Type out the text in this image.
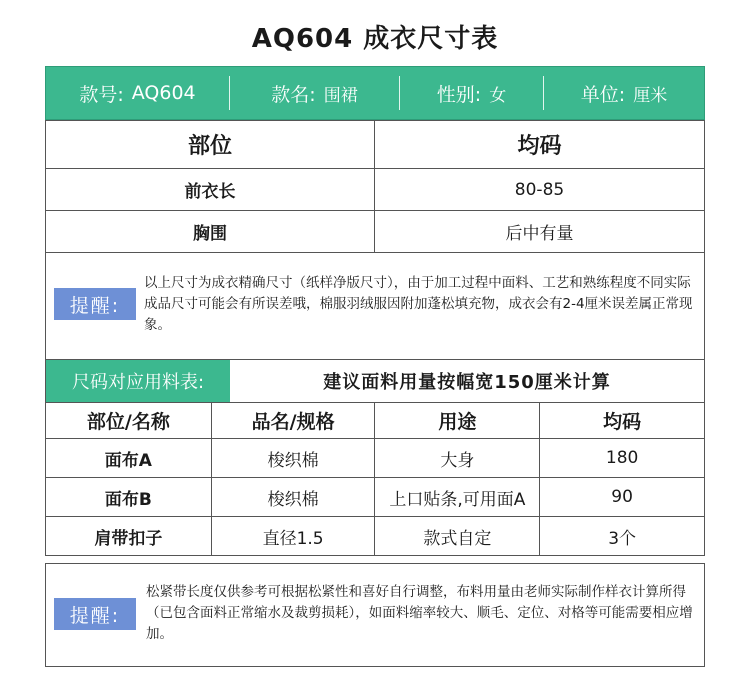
AQ604 成衣尺寸表
款号: AQ604	款名: 围裙	性别: 女	单位: 厘米
部位	均码
前衣长	80-85
胸围	后中有量
提醒:
以上尺寸为成衣精确尺寸（纸样净版尺寸），由于加工过程中面料、工艺和熟练程度不同实际成品尺寸可能会有所误差哦，棉服羽绒服因附加蓬松填充物，成衣会有2-4厘米误差属正常现象。
尺码对应用料表:	建议面料用量按幅宽150厘米计算
部位/名称	品名/规格	用途	均码
面布A	梭织棉	大身	180
面布B	梭织棉	上口贴条,可用面A	90
肩带扣子	直径1.5	款式自定	3个
提醒:
松紧带长度仅供参考可根据松紧性和喜好自行调整，布料用量由老师实际制作样衣计算所得（已包含面料正常缩水及裁剪损耗），如面料缩率较大、顺毛、定位、对格等可能需要相应增加。
